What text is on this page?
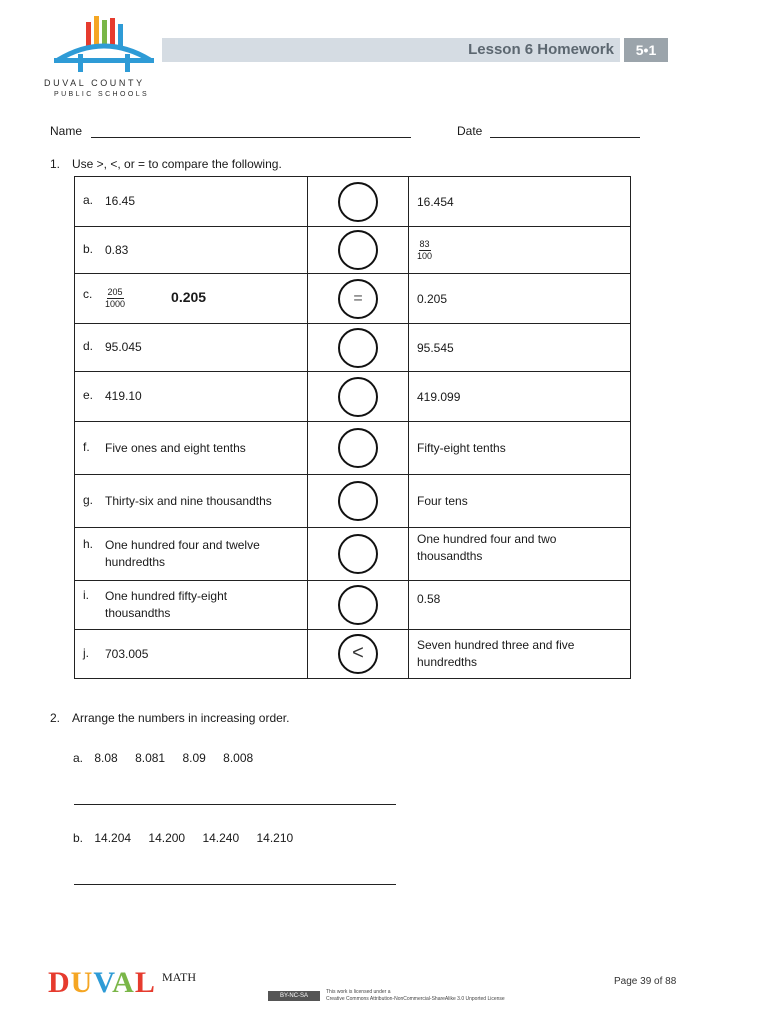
DUVAL COUNTY
PUBLIC SCHOOLS
Lesson 6 Homework	5•1
Name	Date
1. Use >, <, or = to compare the following.
a. 16.45		16.454
b. 0.83		$\frac{83}{100}$

c. $\frac{205}{1000} 0.205$	=	0.205
d. 95.045		95.545
e. 419.10		419.099
f. Five ones and eight tenths		Fifty-eight tenths
g. Thirty-six and nine thousandths		Four tens
h. One hundred four and twelve hundredths		One hundred four and two thousandths
i. One hundred fifty-eight thousandths		0.58
j. 703.005	<	Seven hundred three and five hundredths
2. Arrange the numbers in increasing order.
a. 8.08 8.081 8.09 8.008
b. 14.204 14.200 14.240 14.210
DUVAL MATH	Page 39 of 88
BY-NC-SA
This work is licensed under a
Creative Commons Attribution-NonCommercial-ShareAlike 3.0 Unported License
